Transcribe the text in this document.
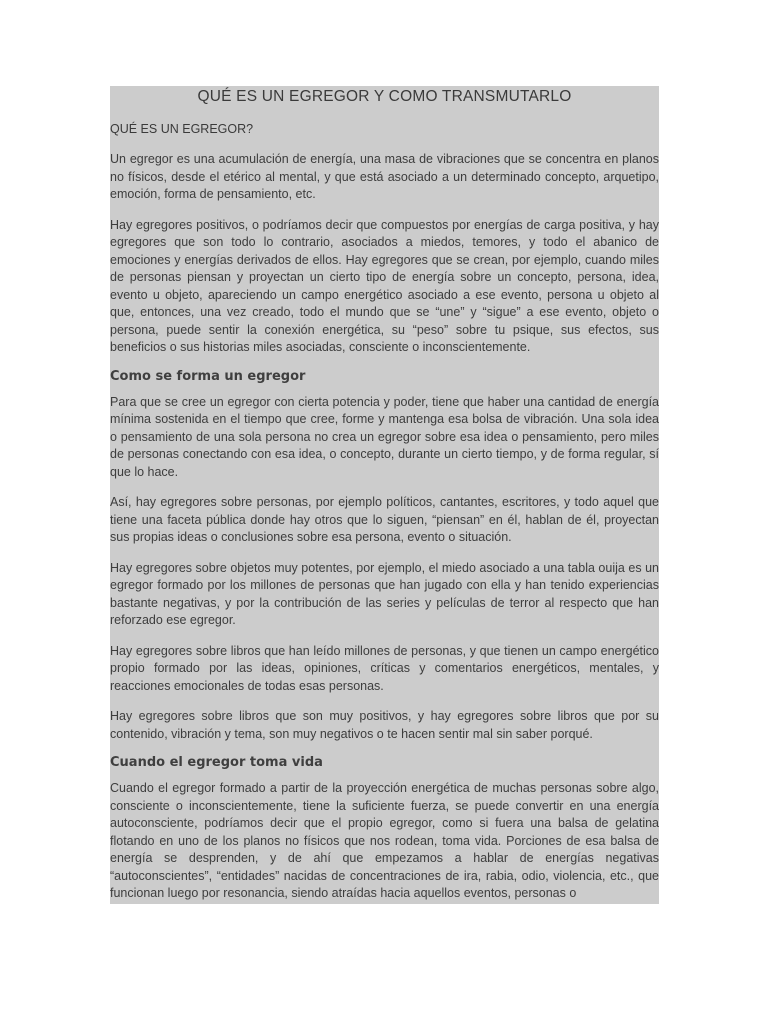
QUÉ ES UN EGREGOR Y COMO TRANSMUTARLO
QUÉ ES UN EGREGOR?

Un egregor es una acumulación de energía, una masa de vibraciones que se concentra en planos no físicos, desde el etérico al mental, y que está asociado a un determinado concepto, arquetipo, emoción, forma de pensamiento, etc.

Hay egregores positivos, o podríamos decir que compuestos por energías de carga positiva, y hay egregores que son todo lo contrario, asociados a miedos, temores, y todo el abanico de emociones y energías derivados de ellos. Hay egregores que se crean, por ejemplo, cuando miles de personas piensan y proyectan un cierto tipo de energía sobre un concepto, persona, idea, evento u objeto, apareciendo un campo energético asociado a ese evento, persona u objeto al que, entonces, una vez creado, todo el mundo que se “une” y “sigue” a ese evento, objeto o persona, puede sentir la conexión energética, su “peso” sobre tu psique, sus efectos, sus beneficios o sus historias miles asociadas, consciente o inconscientemente.

Como se forma un egregor

Para que se cree un egregor con cierta potencia y poder, tiene que haber una cantidad de energía mínima sostenida en el tiempo que cree, forme y mantenga esa bolsa de vibración. Una sola idea o pensamiento de una sola persona no crea un egregor sobre esa idea o pensamiento, pero miles de personas conectando con esa idea, o concepto, durante un cierto tiempo, y de forma regular, sí que lo hace.

Así, hay egregores sobre personas, por ejemplo políticos, cantantes, escritores, y todo aquel que tiene una faceta pública donde hay otros que lo siguen, “piensan” en él, hablan de él, proyectan sus propias ideas o conclusiones sobre esa persona, evento o situación.

Hay egregores sobre objetos muy potentes, por ejemplo, el miedo asociado a una tabla ouija es un egregor formado por los millones de personas que han jugado con ella y han tenido experiencias bastante negativas, y por la contribución de las series y películas de terror al respecto que han reforzado ese egregor.

Hay egregores sobre libros que han leído millones de personas, y que tienen un campo energético propio formado por las ideas, opiniones, críticas y comentarios energéticos, mentales, y reacciones emocionales de todas esas personas.

Hay egregores sobre libros que son muy positivos, y hay egregores sobre libros que por su contenido, vibración y tema, son muy negativos o te hacen sentir mal sin saber porqué.

Cuando el egregor toma vida

Cuando el egregor formado a partir de la proyección energética de muchas personas sobre algo, consciente o inconscientemente, tiene la suficiente fuerza, se puede convertir en una energía autoconsciente, podríamos decir que el propio egregor, como si fuera una balsa de gelatina flotando en uno de los planos no físicos que nos rodean, toma vida. Porciones de esa balsa de energía se desprenden, y de ahí que empezamos a hablar de energías negativas “autoconscientes”, “entidades” nacidas de concentraciones de ira, rabia, odio, violencia, etc., que funcionan luego por resonancia, siendo atraídas hacia aquellos eventos, personas o
